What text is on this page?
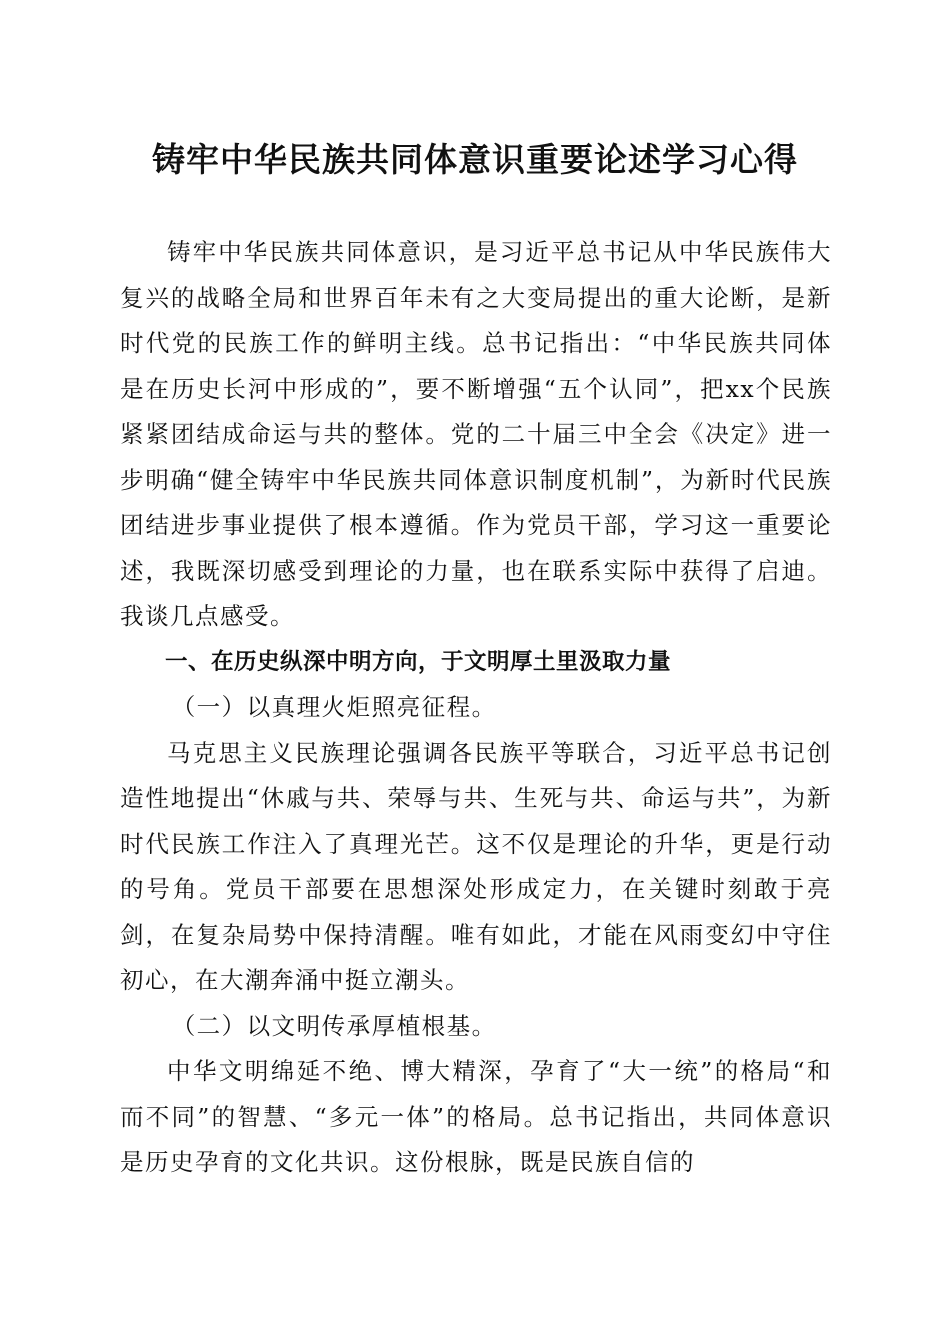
铸牢中华民族共同体意识重要论述学习心得

铸牢中华民族共同体意识，是习近平总书记从中华民族伟大复兴的战略全局和世界百年未有之大变局提出的重大论断，是新时代党的民族工作的鲜明主线。总书记指出：“中华民族共同体是在历史长河中形成的”，要不断增强“五个认同”，把xx个民族紧紧团结成命运与共的整体。党的二十届三中全会《决定》进一步明确“健全铸牢中华民族共同体意识制度机制”，为新时代民族团结进步事业提供了根本遵循。作为党员干部，学习这一重要论述，我既深切感受到理论的力量，也在联系实际中获得了启迪。我谈几点感受。

一、在历史纵深中明方向，于文明厚土里汲取力量

（一）以真理火炬照亮征程。

马克思主义民族理论强调各民族平等联合，习近平总书记创造性地提出“休戚与共、荣辱与共、生死与共、命运与共”，为新时代民族工作注入了真理光芒。这不仅是理论的升华，更是行动的号角。党员干部要在思想深处形成定力，在关键时刻敢于亮剑，在复杂局势中保持清醒。唯有如此，才能在风雨变幻中守住初心，在大潮奔涌中挺立潮头。

（二）以文明传承厚植根基。

中华文明绵延不绝、博大精深，孕育了“大一统”的格局“和而不同”的智慧、“多元一体”的格局。总书记指出，共同体意识是历史孕育的文化共识。这份根脉，既是民族自信的
